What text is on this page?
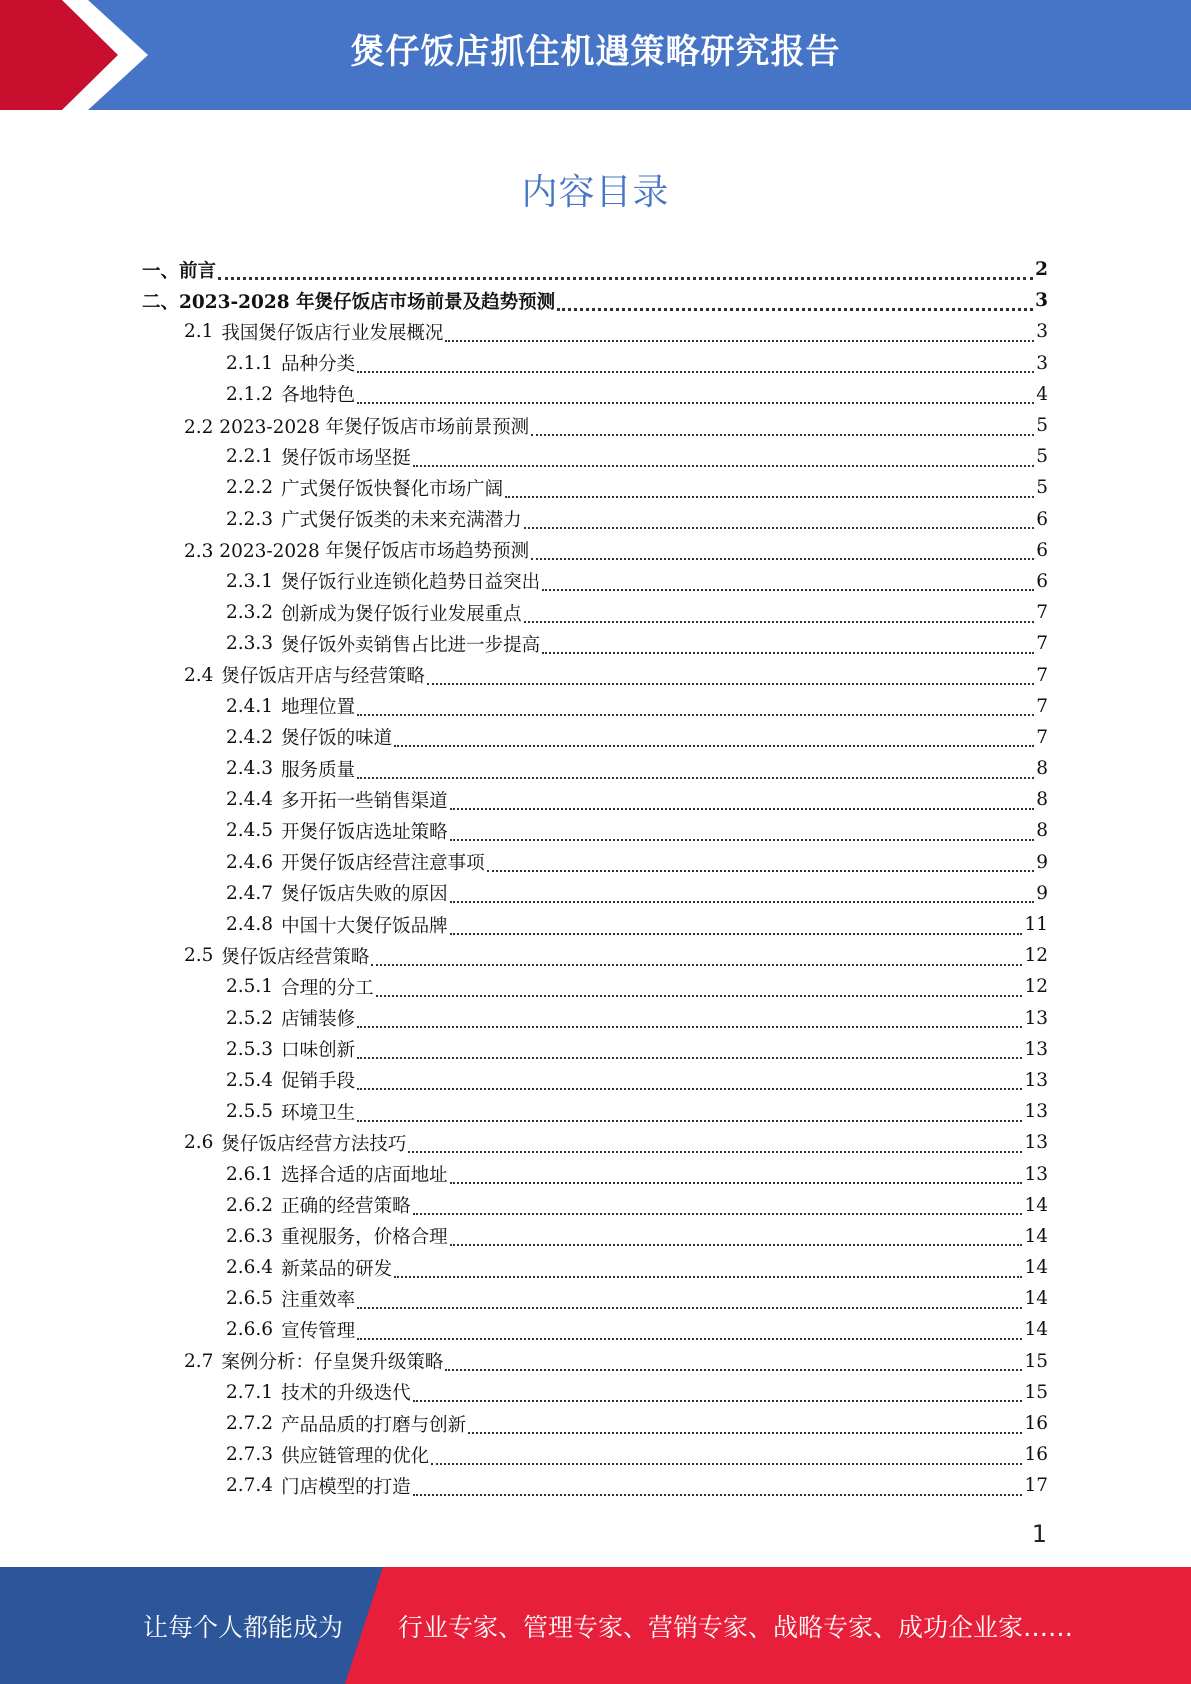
煲仔饭店抓住机遇策略研究报告
内容目录
一、前言	2
二、2023-2028 年煲仔饭店市场前景及趋势预测	3
2.1 我国煲仔饭店行业发展概况	3
2.1.1 品种分类	3
2.1.2 各地特色	4
2.2 2023-2028 年煲仔饭店市场前景预测	5
2.2.1 煲仔饭市场坚挺	5
2.2.2 广式煲仔饭快餐化市场广阔	5
2.2.3 广式煲仔饭类的未来充满潜力	6
2.3 2023-2028 年煲仔饭店市场趋势预测	6
2.3.1 煲仔饭行业连锁化趋势日益突出	6
2.3.2 创新成为煲仔饭行业发展重点	7
2.3.3 煲仔饭外卖销售占比进一步提高	7
2.4 煲仔饭店开店与经营策略	7
2.4.1 地理位置	7
2.4.2 煲仔饭的味道	7
2.4.3 服务质量	8
2.4.4 多开拓一些销售渠道	8
2.4.5 开煲仔饭店选址策略	8
2.4.6 开煲仔饭店经营注意事项	9
2.4.7 煲仔饭店失败的原因	9
2.4.8 中国十大煲仔饭品牌	11
2.5 煲仔饭店经营策略	12
2.5.1 合理的分工	12
2.5.2 店铺装修	13
2.5.3 口味创新	13
2.5.4 促销手段	13
2.5.5 环境卫生	13
2.6 煲仔饭店经营方法技巧	13
2.6.1 选择合适的店面地址	13
2.6.2 正确的经营策略	14
2.6.3 重视服务，价格合理	14
2.6.4 新菜品的研发	14
2.6.5 注重效率	14
2.6.6 宣传管理	14
2.7 案例分析：仔皇煲升级策略	15
2.7.1 技术的升级迭代	15
2.7.2 产品品质的打磨与创新	16
2.7.3 供应链管理的优化	16
2.7.4 门店模型的打造	17
1
让每个人都能成为 行业专家、管理专家、营销专家、战略专家、成功企业家……
